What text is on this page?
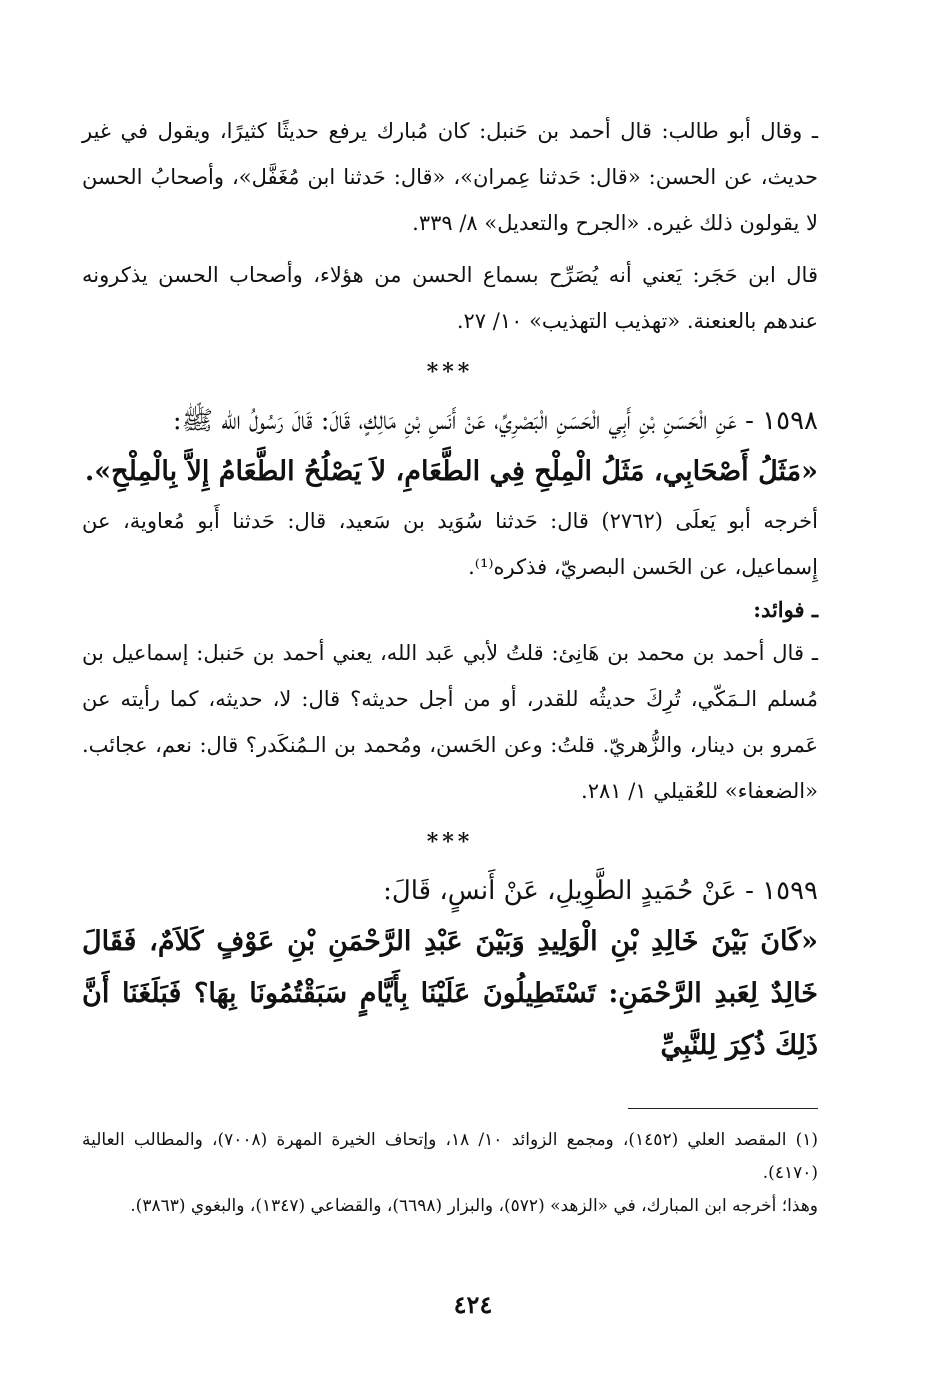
ـ وقال أبو طالب: قال أحمد بن حَنبل: كان مُبارك يرفع حديثًا كثيرًا، ويقول في غير حديث، عن الحسن: «قال: حَدثنا عِمران»، «قال: حَدثنا ابن مُغَفَّل»، وأصحابُ الحسن لا يقولون ذلك غيره. «الجرح والتعديل» ٨/ ٣٣٩.

قال ابن حَجَر: يَعني أنه يُصَرِّح بسماع الحسن من هؤلاء، وأصحاب الحسن يذكرونه عندهم بالعنعنة. «تهذيب التهذيب» ١٠/ ٢٧.

***

١٥٩٨ - عَنِ الْحَسَنِ بْنِ أَبِي الْحَسَنِ الْبَصْرِيِّ، عَنْ أَنَسِ بْنِ مَالِكٍ، قَالَ: قَالَ رَسُولُ الله ﷺ:

«مَثَلُ أَصْحَابِي، مَثَلُ الْمِلْحِ فِي الطَّعَامِ، لاَ يَصْلُحُ الطَّعَامُ إِلاَّ بِالْمِلْحِ».

أخرجه أبو يَعلَى (٢٧٦٢) قال: حَدثنا سُوَيد بن سَعيد، قال: حَدثنا أَبو مُعاوية، عن إِسماعيل، عن الحَسن البصريّ، فذكره⁽¹⁾.

ـ فوائد:

ـ قال أحمد بن محمد بن هَانِئ: قلتُ لأبي عَبد الله، يعني أحمد بن حَنبل: إسماعيل بن مُسلم الـمَكّي، تُرِكَ حديثُه للقدر، أو من أجل حديثه؟ قال: لا، حديثه، كما رأيته عن عَمرو بن دينار، والزُّهريّ. قلتُ: وعن الحَسن، ومُحمد بن الـمُنكَدر؟ قال: نعم، عجائب. «الضعفاء» للعُقيلي ١/ ٢٨١.

***

١٥٩٩ - عَنْ حُمَيدٍ الطَّوِيلِ، عَنْ أَنسٍ، قَالَ:

«كَانَ بَيْنَ خَالِدِ بْنِ الْوَلِيدِ وَبَيْنَ عَبْدِ الرَّحْمَنِ بْنِ عَوْفٍ كَلاَمٌ، فَقَالَ خَالِدٌ لِعَبدِ الرَّحْمَنِ: تَسْتَطِيلُونَ عَلَيْنَا بِأَيَّامٍ سَبَقْتُمُونَا بِهَا؟ فَبَلَغَنَا أَنَّ ذَلِكَ ذُكِرَ لِلنَّبِيِّ

(١) المقصد العلي (١٤٥٢)، ومجمع الزوائد ١٠/ ١٨، وإتحاف الخيرة المهرة (٧٠٠٨)، والمطالب العالية (٤١٧٠).

وهذا؛ أخرجه ابن المبارك، في «الزهد» (٥٧٢)، والبزار (٦٦٩٨)، والقضاعي (١٣٤٧)، والبغوي (٣٨٦٣).

٤٢٤
